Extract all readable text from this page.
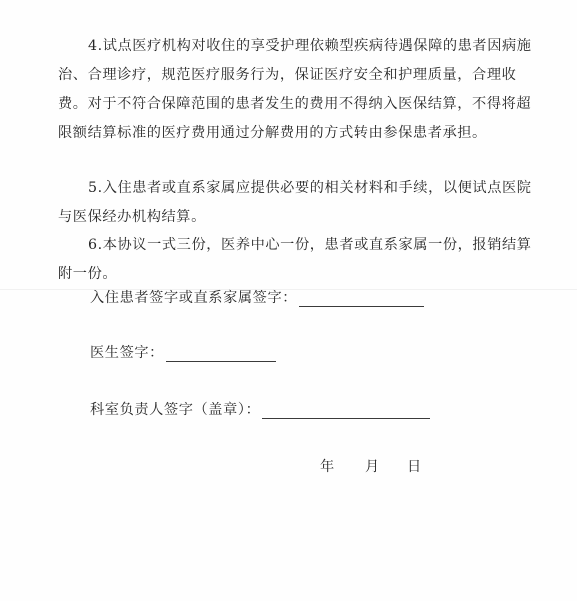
4.试点医疗机构对收住的享受护理依赖型疾病待遇保障的患者因病施治、合理诊疗，规范医疗服务行为，保证医疗安全和护理质量，合理收费。对于不符合保障范围的患者发生的费用不得纳入医保结算，不得将超限额结算标准的医疗费用通过分解费用的方式转由参保患者承担。

5.入住患者或直系家属应提供必要的相关材料和手续，以便试点医院与医保经办机构结算。

6.本协议一式三份，医养中心一份，患者或直系家属一份，报销结算附一份。

入住患者签字或直系家属签字：
医生签字：
科室负责人签字（盖章）：
年 月 日
